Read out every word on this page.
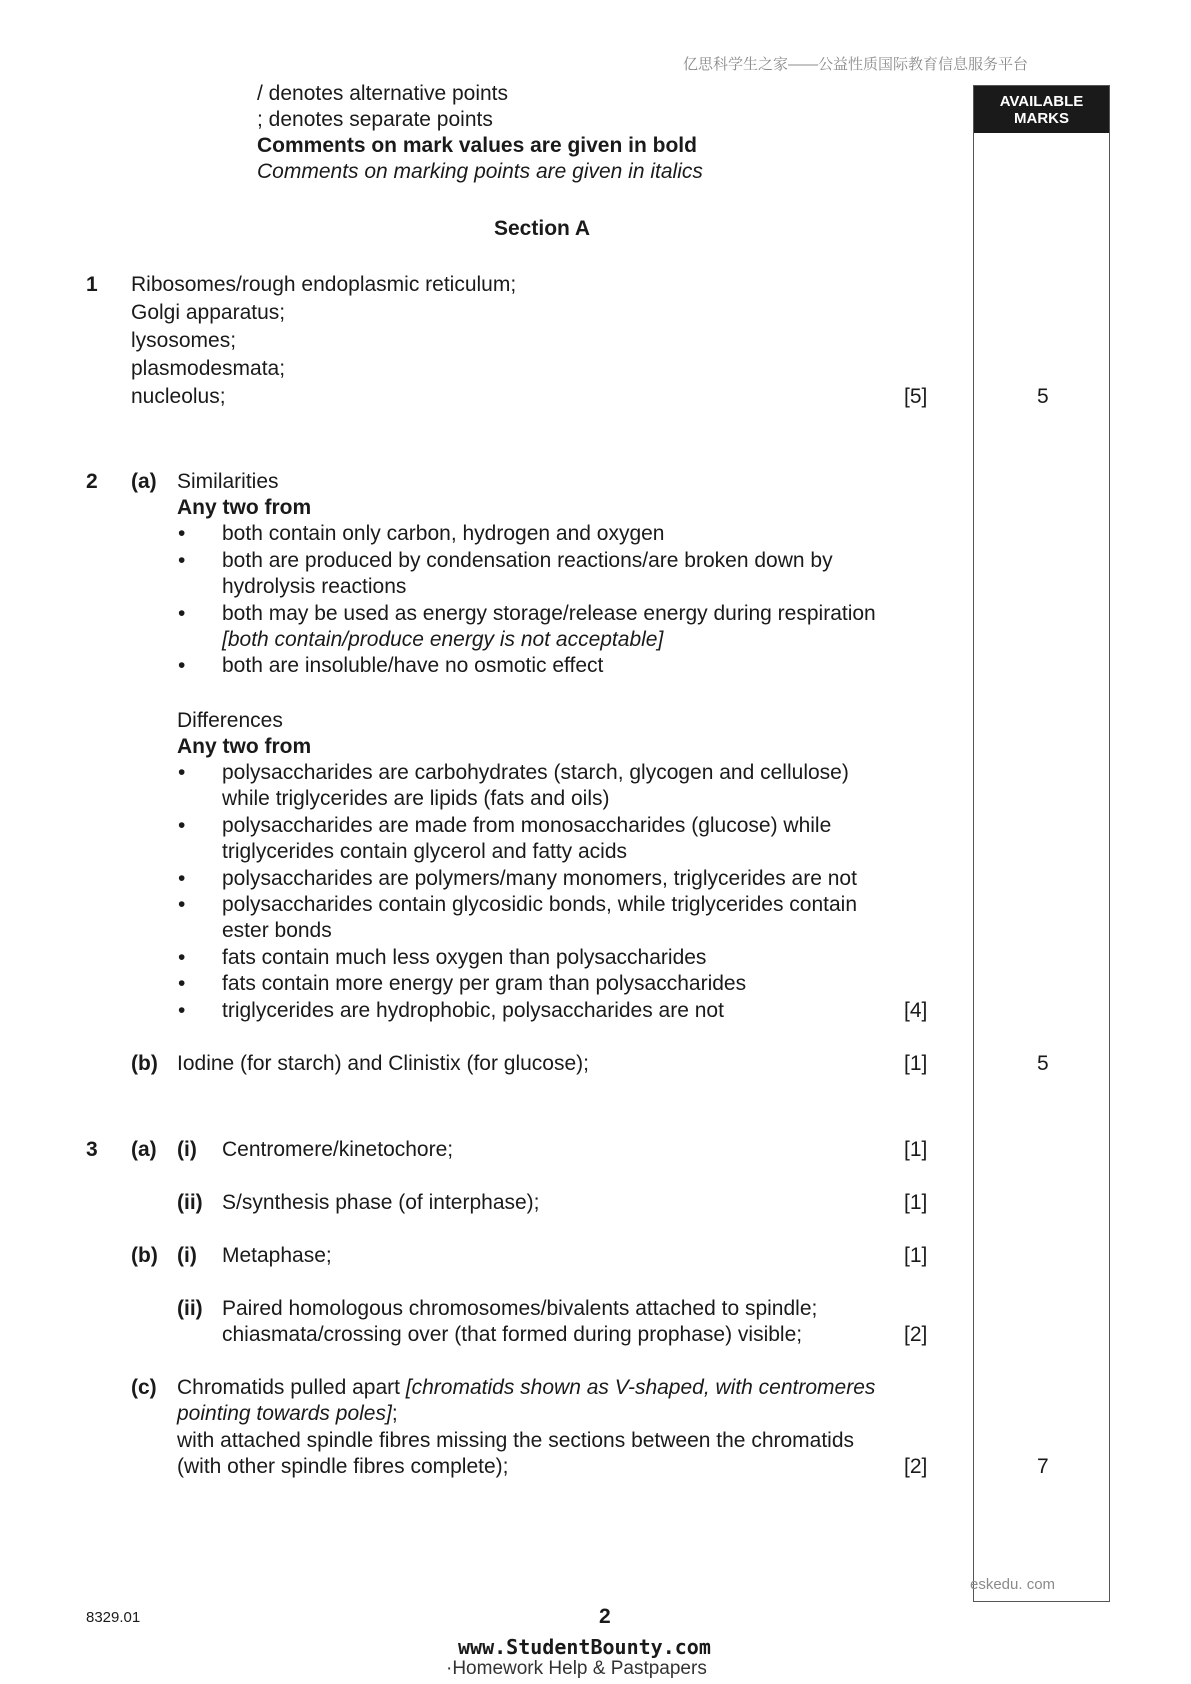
亿思科学生之家——公益性质国际教育信息服务平台
AVAILABLE
MARKS
/ denotes alternative points
; denotes separate points
Comments on mark values are given in bold
Comments on marking points are given in italics
Section A
1 Ribosomes/rough endoplasmic reticulum;
Golgi apparatus;
lysosomes;
plasmodesmata;
nucleolus;	[5]	5
2 (a) Similarities
Any two from
• both contain only carbon, hydrogen and oxygen
• both are produced by condensation reactions/are broken down by
hydrolysis reactions
• both may be used as energy storage/release energy during respiration
[both contain/produce energy is not acceptable]
• both are insoluble/have no osmotic effect
Differences
Any two from
• polysaccharides are carbohydrates (starch, glycogen and cellulose)
while triglycerides are lipids (fats and oils)
• polysaccharides are made from monosaccharides (glucose) while
triglycerides contain glycerol and fatty acids
• polysaccharides are polymers/many monomers, triglycerides are not
• polysaccharides contain glycosidic bonds, while triglycerides contain
ester bonds
• fats contain much less oxygen than polysaccharides
• fats contain more energy per gram than polysaccharides
• triglycerides are hydrophobic, polysaccharides are not	[4]
(b) Iodine (for starch) and Clinistix (for glucose);	[1]	5
3 (a) (i) Centromere/kinetochore;	[1]
(ii) S/synthesis phase (of interphase);	[1]
(b) (i) Metaphase;	[1]
(ii) Paired homologous chromosomes/bivalents attached to spindle;
chiasmata/crossing over (that formed during prophase) visible;	[2]
(c) Chromatids pulled apart [chromatids shown as V-shaped, with centromeres
pointing towards poles];
with attached spindle fibres missing the sections between the chromatids
(with other spindle fibres complete);	[2]	7
eskedu. com
8329.01	2
www.StudentBounty.com
·Homework Help & Pastpapers
